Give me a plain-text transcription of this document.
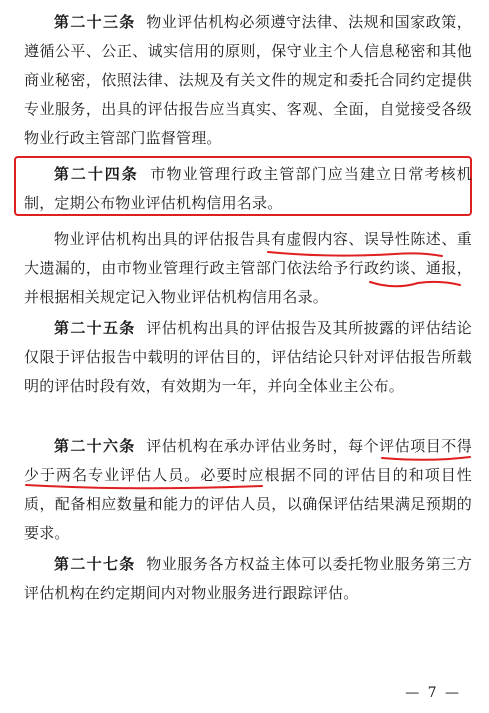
第二十三条 物业评估机构必须遵守法律、法规和国家政策，遵循公平、公正、诚实信用的原则，保守业主个人信息秘密和其他商业秘密，依照法律、法规及有关文件的规定和委托合同约定提供专业服务，出具的评估报告应当真实、客观、全面，自觉接受各级物业行政主管部门监督管理。

第二十四条 市物业管理行政主管部门应当建立日常考核机制，定期公布物业评估机构信用名录。

物业评估机构出具的评估报告具有虚假内容、误导性陈述、重大遗漏的，由市物业管理行政主管部门依法给予行政约谈、通报，并根据相关规定记入物业评估机构信用名录。

第二十五条 评估机构出具的评估报告及其所披露的评估结论仅限于评估报告中载明的评估目的，评估结论只针对评估报告所载明的评估时段有效，有效期为一年，并向全体业主公布。

第二十六条 评估机构在承办评估业务时，每个评估项目不得少于两名专业评估人员。必要时应根据不同的评估目的和项目性质，配备相应数量和能力的评估人员，以确保评估结果满足预期的要求。

第二十七条 物业服务各方权益主体可以委托物业服务第三方评估机构在约定期间内对物业服务进行跟踪评估。

— 7 —
